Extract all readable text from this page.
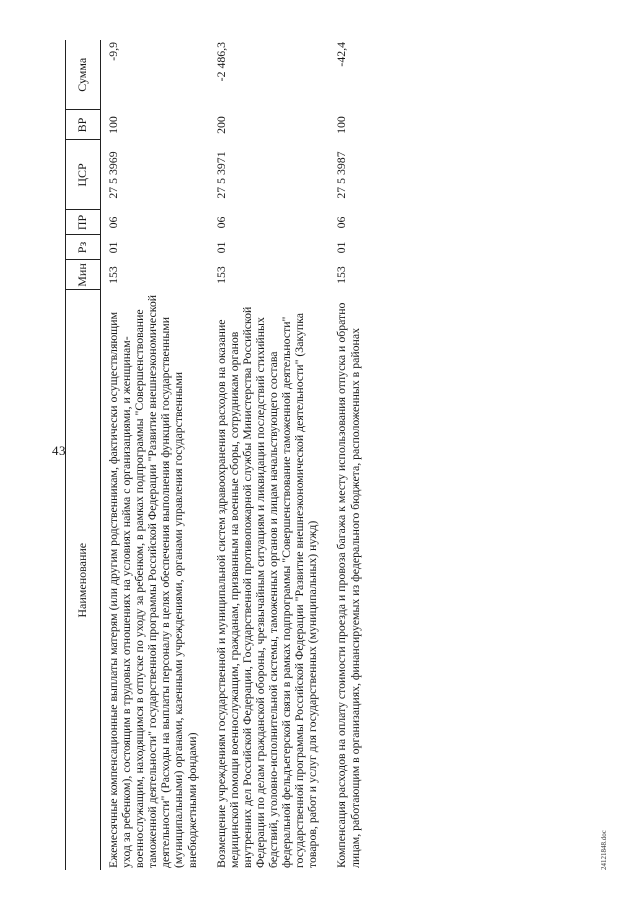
43
Наименование	Мин	Рз	ПР	ЦСР	ВР	Сумма
Ежемесячные компенсационные выплаты матерям (или другим родственникам, фактически осуществляющим уход за ребенком), состоящим в трудовых отношениях на условиях найма с организациями, и женщинам-военнослужащим, находящимся в отпуске по уходу за ребенком, в рамках подпрограммы "Совершенствование таможенной деятельности" государственной программы Российской Федерации "Развитие внешнеэкономической деятельности" (Расходы на выплаты персоналу в целях обеспечения выполнения функций государственными (муниципальными) органами, казенными учреждениями, органами управления государственными внебюджетными фондами)	153	01	06	27 5 3969	100	-9,9
Возмещение учреждениям государственной и муниципальной систем здравоохранения расходов на оказание медицинской помощи военнослужащим, гражданам, призванным на военные сборы, сотрудникам органов внутренних дел Российской Федерации, Государственной противопожарной службы Министерства Российской Федерации по делам гражданской обороны, чрезвычайным ситуациям и ликвидации последствий стихийных бедствий, уголовно-исполнительной системы, таможенных органов и лицам начальствующего состава федеральной фельдъегерской связи в рамках подпрограммы "Совершенствование таможенной деятельности" государственной программы Российской Федерации "Развитие внешнеэкономической деятельности" (Закупка товаров, работ и услуг для государственных (муниципальных) нужд)	153	01	06	27 5 3971	200	-2 486,3
Компенсация расходов на оплату стоимости проезда и провоза багажа к месту использования отпуска и обратно лицам, работающим в организациях, финансируемых из федерального бюджета, расположенных в районах	153	01	06	27 5 3987	100	-42,4
24121848.doc
